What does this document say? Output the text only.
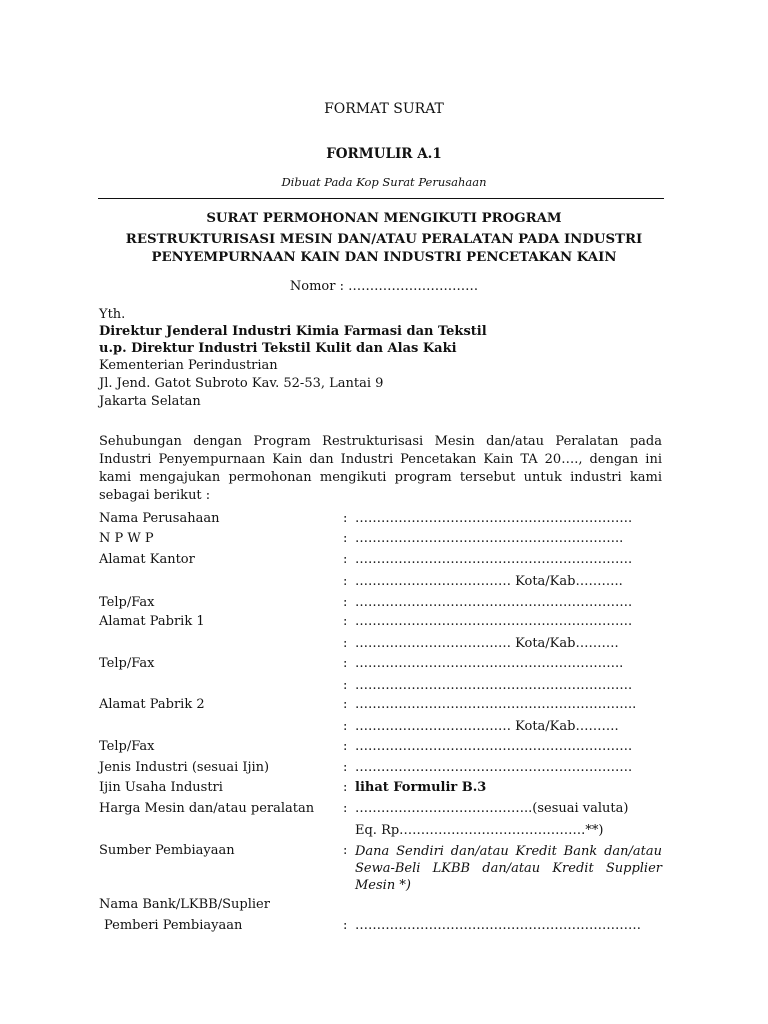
FORMAT SURAT
FORMULIR A.1
Dibuat Pada Kop Surat Perusahaan
SURAT PERMOHONAN MENGIKUTI PROGRAM
RESTRUKTURISASI MESIN DAN/ATAU PERALATAN PADA INDUSTRI
PENYEMPURNAAN KAIN DAN INDUSTRI PENCETAKAN KAIN
Nomor : …………………………
Yth.
Direktur Jenderal Industri Kimia Farmasi dan Tekstil
u.p. Direktur Industri Tekstil Kulit dan Alas Kaki
Kementerian Perindustrian
Jl. Jend. Gatot Subroto Kav. 52-53, Lantai 9
Jakarta Selatan
Sehubungan dengan Program Restrukturisasi Mesin dan/atau Peralatan pada Industri Penyempurnaan Kain dan Industri Pencetakan Kain TA 20…., dengan ini kami mengajukan permohonan mengikuti program tersebut untuk industri kami sebagai berikut :
Nama Perusahaan	: ……………………………………………………….
N P W P	: ……………………………………………………..
Alamat Kantor	: ……………………………………………………….
: ……………………………… Kota/Kab………..
Telp/Fax	: ……………………………………………………….
Alamat Pabrik 1	: ……………………………………………………….
: ……………………………… Kota/Kab……….
Telp/Fax	: ……………………………………………………..
: ……………………………………………………….
Alamat Pabrik 2	: ………………………………………………………..
: ……………………………… Kota/Kab……….
Telp/Fax	: ……………………………………………………….
Jenis Industri (sesuai Ijin)	: ……………………………………………………….
Ijin Usaha Industri	: lihat Formulir B.3
Harga Mesin dan/atau peralatan : …………………………………..(sesuai valuta)
Eq. Rp…………………………………….**)
Sumber Pembiayaan	: Dana Sendiri dan/atau Kredit Bank dan/atau Sewa-Beli LKBB dan/atau Kredit Supplier Mesin *)
Nama Bank/LKBB/Suplier
Pemberi Pembiayaan	: …………………………………………………………
